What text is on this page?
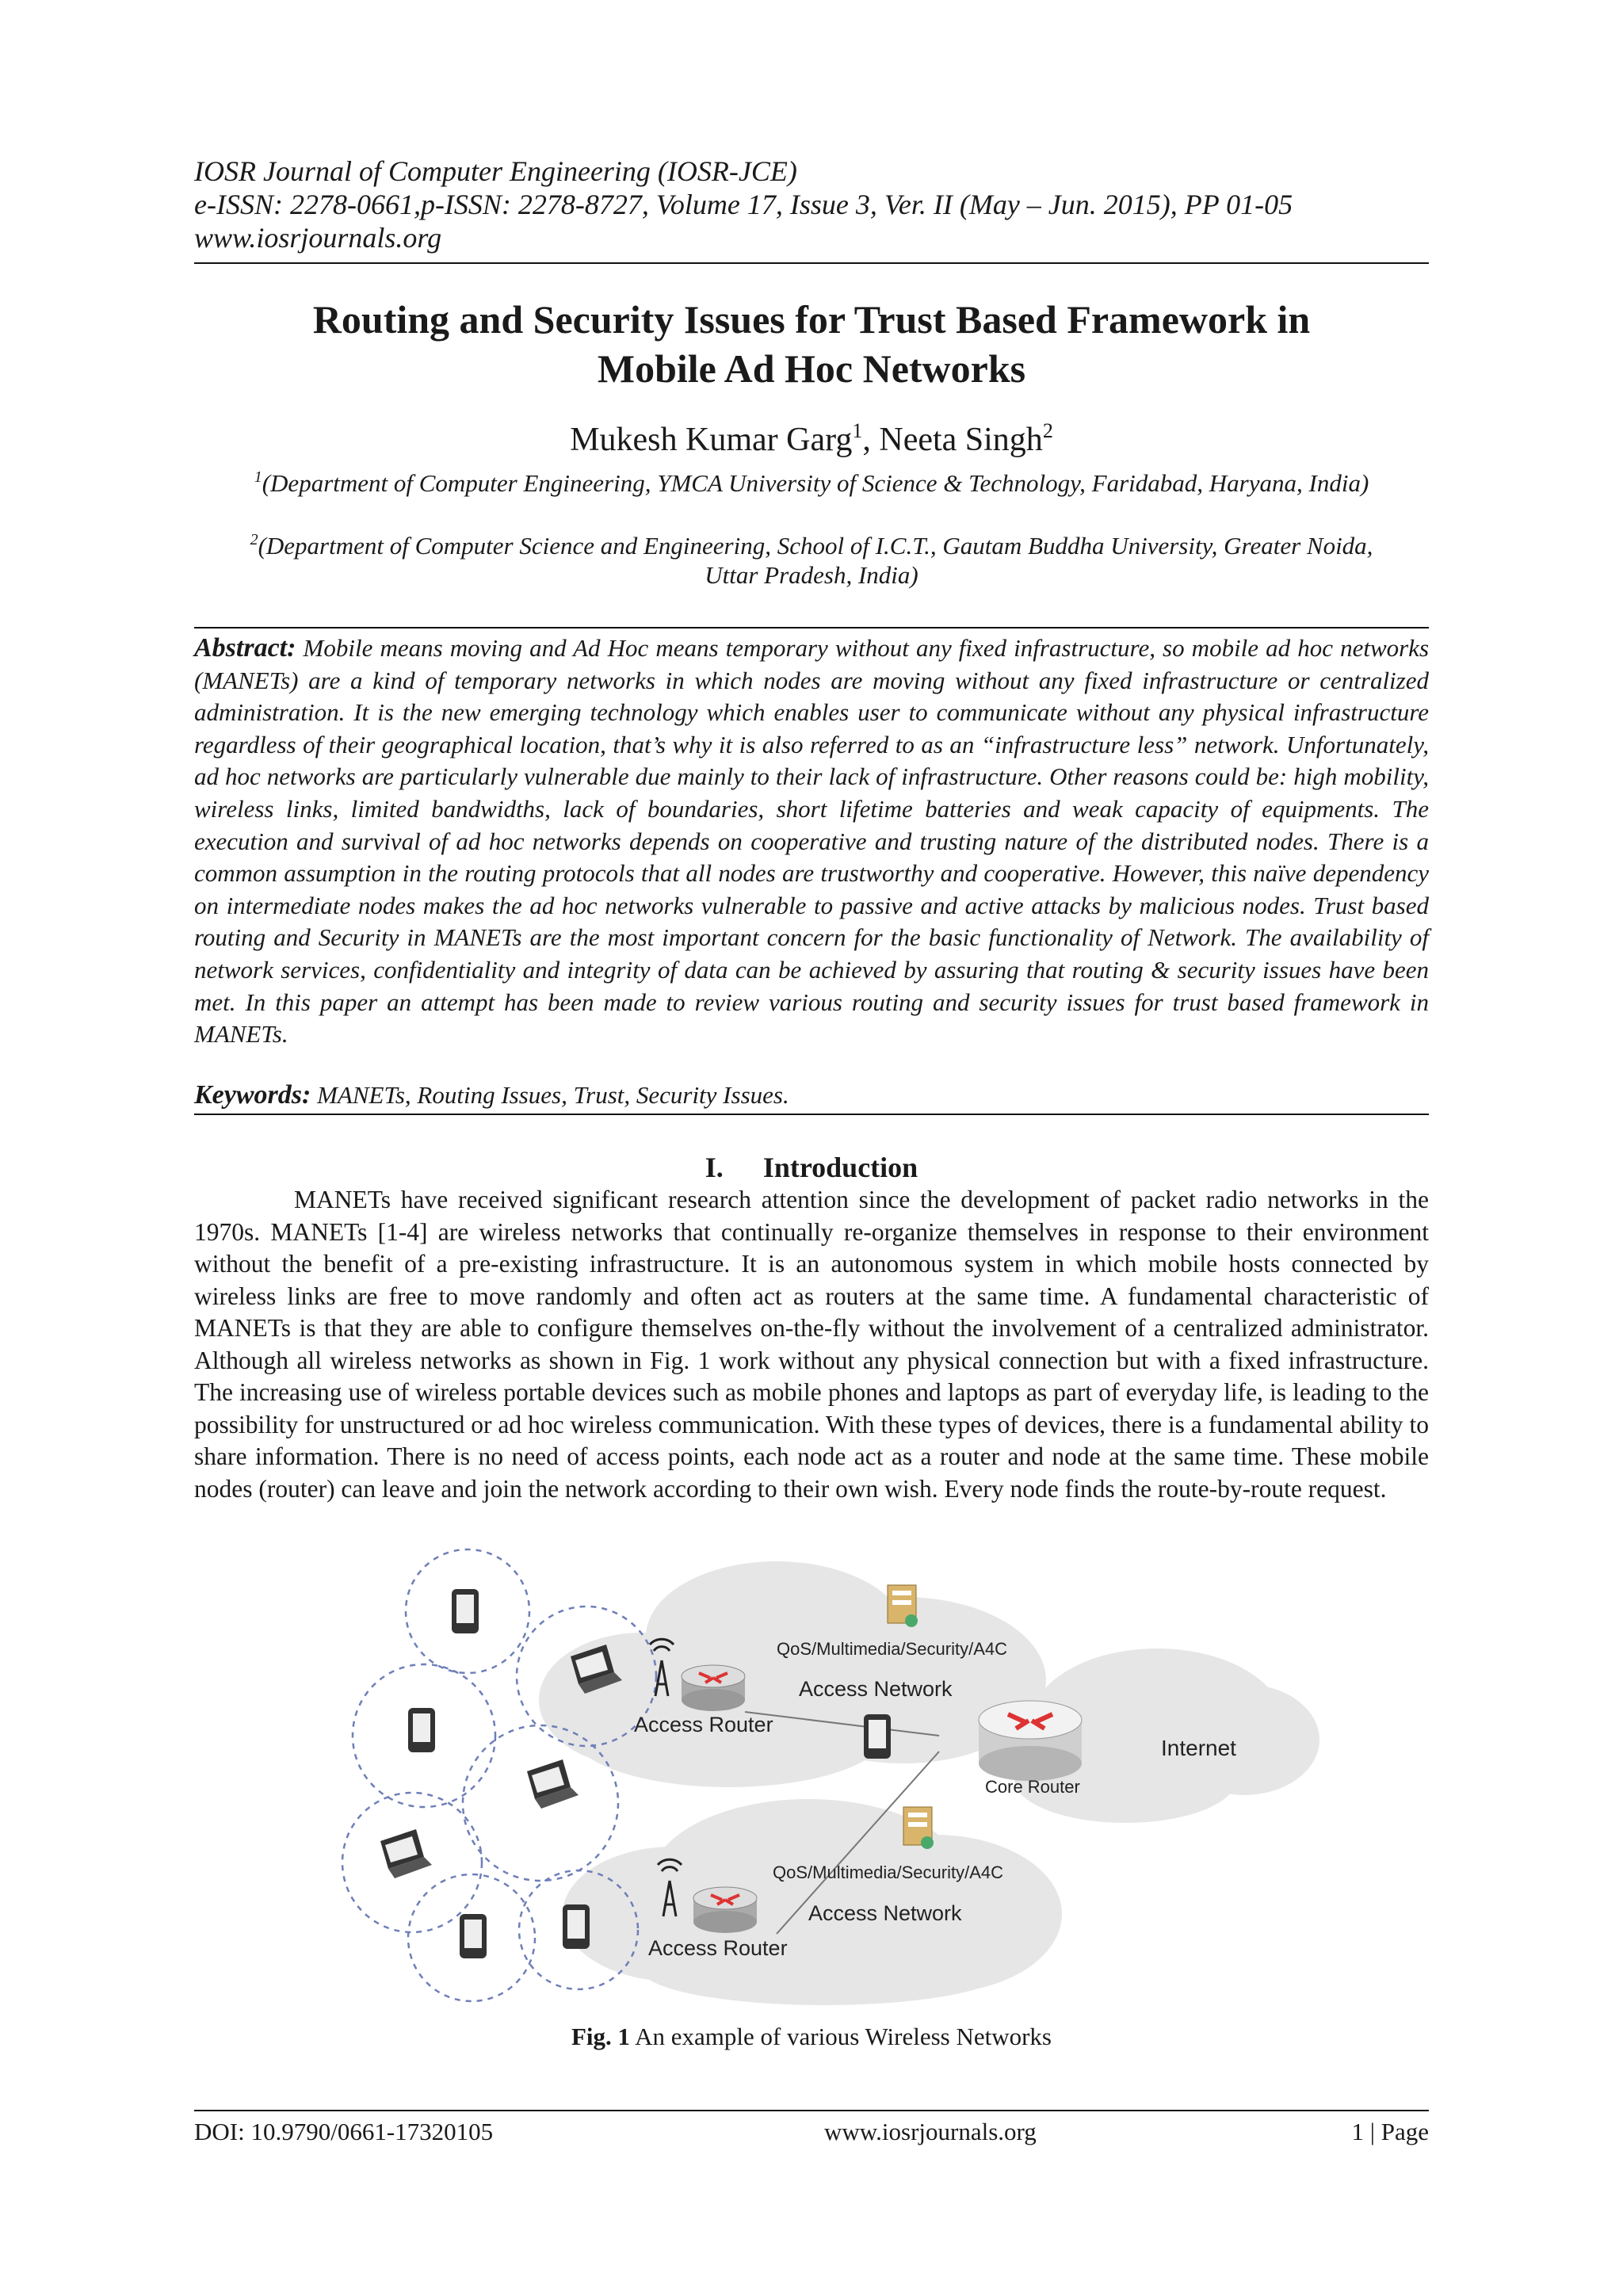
IOSR Journal of Computer Engineering (IOSR-JCE)
e-ISSN: 2278-0661,p-ISSN: 2278-8727, Volume 17, Issue 3, Ver. II (May – Jun. 2015), PP 01-05
www.iosrjournals.org
Routing and Security Issues for Trust Based Framework in
Mobile Ad Hoc Networks
Mukesh Kumar Garg$^1$, Neeta Singh$^2$
$^1$(Department of Computer Engineering, YMCA University of Science & Technology, Faridabad, Haryana, India)
$^2$(Department of Computer Science and Engineering, School of I.C.T., Gautam Buddha University, Greater Noida, Uttar Pradesh, India)
Abstract: Mobile means moving and Ad Hoc means temporary without any fixed infrastructure, so mobile ad hoc networks (MANETs) are a kind of temporary networks in which nodes are moving without any fixed infrastructure or centralized administration. It is the new emerging technology which enables user to communicate without any physical infrastructure regardless of their geographical location, that’s why it is also referred to as an “infrastructure less” network. Unfortunately, ad hoc networks are particularly vulnerable due mainly to their lack of infrastructure. Other reasons could be: high mobility, wireless links, limited bandwidths, lack of boundaries, short lifetime batteries and weak capacity of equipments. The execution and survival of ad hoc networks depends on cooperative and trusting nature of the distributed nodes. There is a common assumption in the routing protocols that all nodes are trustworthy and cooperative. However, this naïve dependency on intermediate nodes makes the ad hoc networks vulnerable to passive and active attacks by malicious nodes. Trust based routing and Security in MANETs are the most important concern for the basic functionality of Network. The availability of network services, confidentiality and integrity of data can be achieved by assuring that routing & security issues have been met. In this paper an attempt has been made to review various routing and security issues for trust based framework in MANETs.
Keywords: MANETs, Routing Issues, Trust, Security Issues.
I. Introduction
MANETs have received significant research attention since the development of packet radio networks in the 1970s. MANETs [1-4] are wireless networks that continually re-organize themselves in response to their environment without the benefit of a pre-existing infrastructure. It is an autonomous system in which mobile hosts connected by wireless links are free to move randomly and often act as routers at the same time. A fundamental characteristic of MANETs is that they are able to configure themselves on-the-fly without the involvement of a centralized administrator. Although all wireless networks as shown in Fig. 1 work without any physical connection but with a fixed infrastructure. The increasing use of wireless portable devices such as mobile phones and laptops as part of everyday life, is leading to the possibility for unstructured or ad hoc wireless communication. With these types of devices, there is a fundamental ability to share information. There is no need of access points, each node act as a router and node at the same time. These mobile nodes (router) can leave and join the network according to their own wish. Every node finds the route-by-route request.
QoS/Multimedia/Security/A4C
Access Network
Access Router
Internet
Core Router
QoS/Multimedia/Security/A4C
Access Network
Access Router
Fig. 1 An example of various Wireless Networks
DOI: 10.9790/0661-17320105	www.iosrjournals.org	1 | Page
